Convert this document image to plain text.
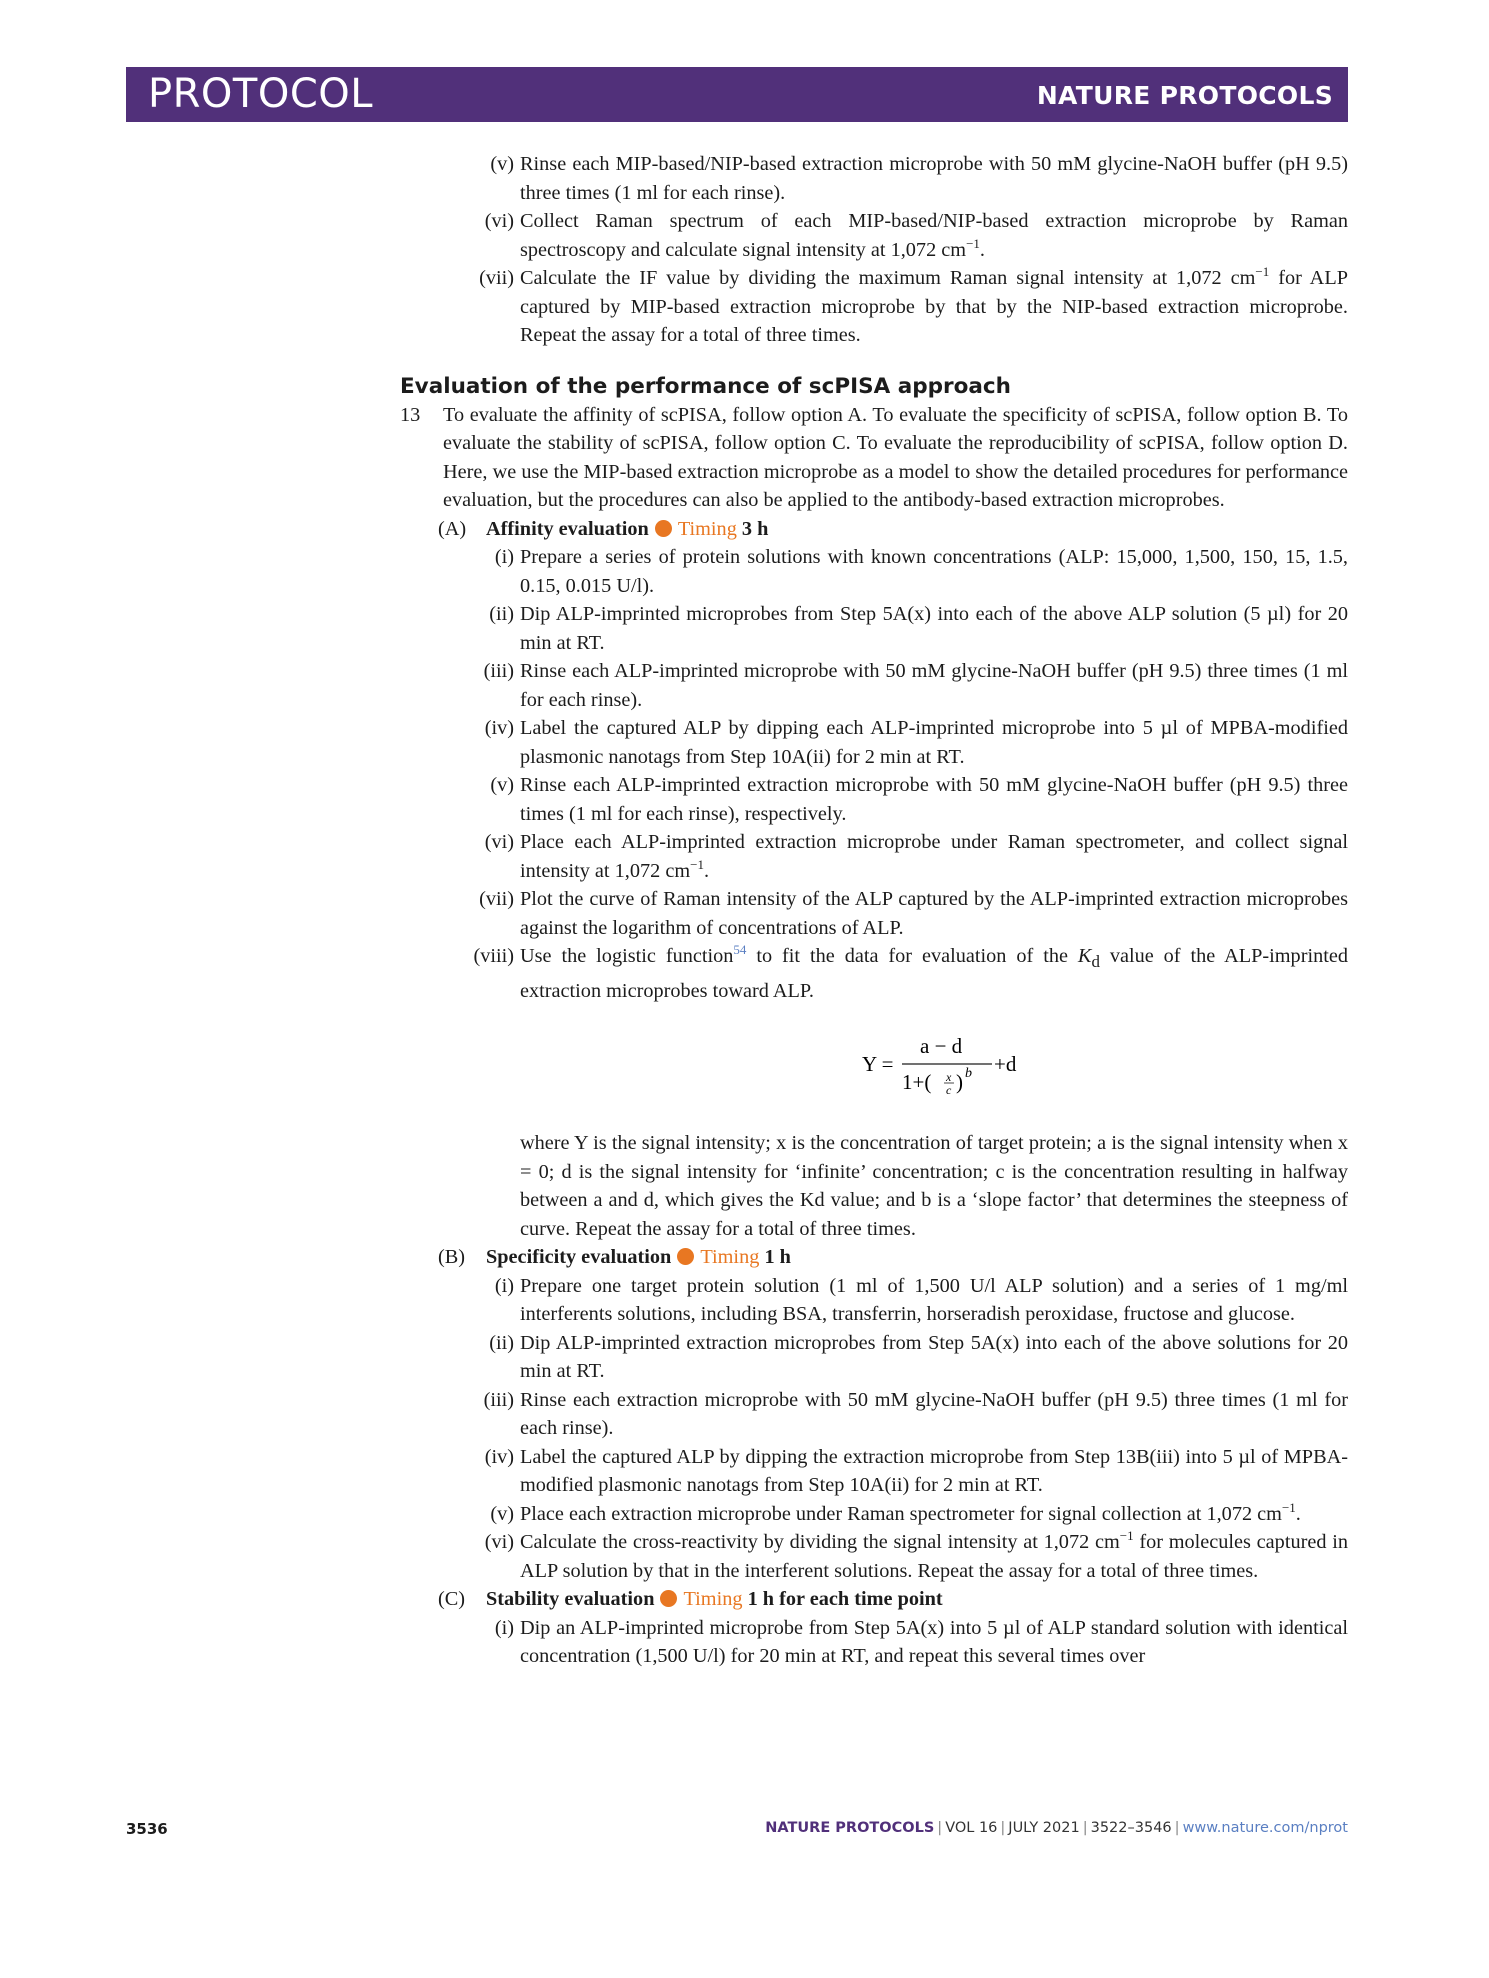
PROTOCOL	NATURE PROTOCOLS
(v) Rinse each MIP-based/NIP-based extraction microprobe with 50 mM glycine-NaOH buffer (pH 9.5) three times (1 ml for each rinse).
(vi) Collect Raman spectrum of each MIP-based/NIP-based extraction microprobe by Raman spectroscopy and calculate signal intensity at 1,072 $cm^{-1}$.
(vii) Calculate the IF value by dividing the maximum Raman signal intensity at 1,072 $cm^{-1}$ for ALP captured by MIP-based extraction microprobe by that by the NIP-based extraction microprobe. Repeat the assay for a total of three times.
Evaluation of the performance of scPISA approach
13 To evaluate the affinity of scPISA, follow option A. To evaluate the specificity of scPISA, follow option B. To evaluate the stability of scPISA, follow option C. To evaluate the reproducibility of scPISA, follow option D. Here, we use the MIP-based extraction microprobe as a model to show the detailed procedures for performance evaluation, but the procedures can also be applied to the antibody-based extraction microprobes.
(A) Affinity evaluation Timing 3 h
(i) Prepare a series of protein solutions with known concentrations (ALP: 15,000, 1,500, 150, 15, 1.5, 0.15, 0.015 U/l).
(ii) Dip ALP-imprinted microprobes from Step 5A(x) into each of the above ALP solution (5 µl) for 20 min at RT.
(iii) Rinse each ALP-imprinted microprobe with 50 mM glycine-NaOH buffer (pH 9.5) three times (1 ml for each rinse).
(iv) Label the captured ALP by dipping each ALP-imprinted microprobe into 5 µl of MPBA-modified plasmonic nanotags from Step 10A(ii) for 2 min at RT.
(v) Rinse each ALP-imprinted extraction microprobe with 50 mM glycine-NaOH buffer (pH 9.5) three times (1 ml for each rinse), respectively.
(vi) Place each ALP-imprinted extraction microprobe under Raman spectrometer, and collect signal intensity at 1,072 $cm^{-1}$.
(vii) Plot the curve of Raman intensity of the ALP captured by the ALP-imprinted extraction microprobes against the logarithm of concentrations of ALP.
(viii) Use the logistic function$^{54}$ to fit the data for evaluation of the $K_d$ value of the ALP-imprinted extraction microprobes toward ALP.
Y =
a − d
1+( x
c ) b +d
where Y is the signal intensity; x is the concentration of target protein; a is the signal intensity when x = 0; d is the signal intensity for ‘infinite’ concentration; c is the concentration resulting in halfway between a and d, which gives the Kd value; and b is a ‘slope factor’ that determines the steepness of curve. Repeat the assay for a total of three times.
(B) Specificity evaluation Timing 1 h
(i) Prepare one target protein solution (1 ml of 1,500 U/l ALP solution) and a series of 1 mg/ml interferents solutions, including BSA, transferrin, horseradish peroxidase, fructose and glucose.
(ii) Dip ALP-imprinted extraction microprobes from Step 5A(x) into each of the above solutions for 20 min at RT.
(iii) Rinse each extraction microprobe with 50 mM glycine-NaOH buffer (pH 9.5) three times (1 ml for each rinse).
(iv) Label the captured ALP by dipping the extraction microprobe from Step 13B(iii) into 5 µl of MPBA-modified plasmonic nanotags from Step 10A(ii) for 2 min at RT.
(v) Place each extraction microprobe under Raman spectrometer for signal collection at 1,072 $cm^{-1}$.
(vi) Calculate the cross-reactivity by dividing the signal intensity at 1,072 $cm^{-1}$ for molecules captured in ALP solution by that in the interferent solutions. Repeat the assay for a total of three times.
(C) Stability evaluation Timing 1 h for each time point
(i) Dip an ALP-imprinted microprobe from Step 5A(x) into 5 µl of ALP standard solution with identical concentration (1,500 U/l) for 20 min at RT, and repeat this several times over
3536	NATURE PROTOCOLS | VOL 16 | JULY 2021 | 3522–3546 | www.nature.com/nprot
